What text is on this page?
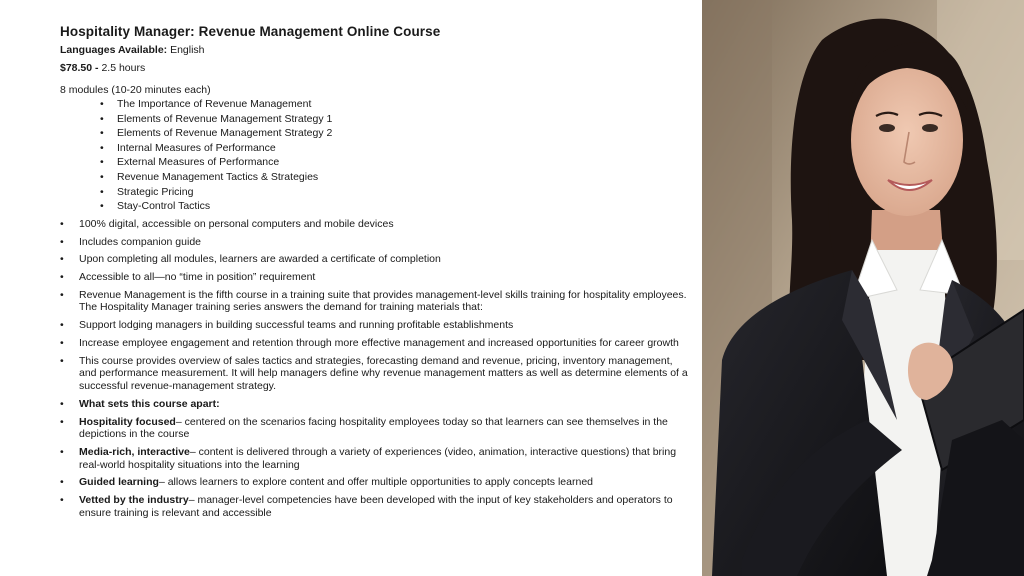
Hospitality Manager: Revenue Management Online Course
Languages Available: English
$78.50 - 2.5 hours
8 modules (10-20 minutes each)
• The Importance of Revenue Management
• Elements of Revenue Management Strategy 1
• Elements of Revenue Management Strategy 2
• Internal Measures of Performance
• External Measures of Performance
• Revenue Management Tactics & Strategies
• Strategic Pricing
• Stay-Control Tactics
• 100% digital, accessible on personal computers and mobile devices
• Includes companion guide
• Upon completing all modules, learners are awarded a certificate of completion
• Accessible to all—no “time in position” requirement
• Revenue Management is the fifth course in a training suite that provides management-level skills training for hospitality employees. The Hospitality Manager training series answers the demand for training materials that:
• Support lodging managers in building successful teams and running profitable establishments
• Increase employee engagement and retention through more effective management and increased opportunities for career growth
• This course provides overview of sales tactics and strategies, forecasting demand and revenue, pricing, inventory management, and performance measurement. It will help managers define why revenue management matters as well as determine elements of a successful revenue-management strategy.
• What sets this course apart:
• Hospitality focused– centered on the scenarios facing hospitality employees today so that learners can see themselves in the depictions in the course
• Media-rich, interactive– content is delivered through a variety of experiences (video, animation, interactive questions) that bring real-world hospitality situations into the learning
• Guided learning– allows learners to explore content and offer multiple opportunities to apply concepts learned
• Vetted by the industry– manager-level competencies have been developed with the input of key stakeholders and operators to ensure training is relevant and accessible
